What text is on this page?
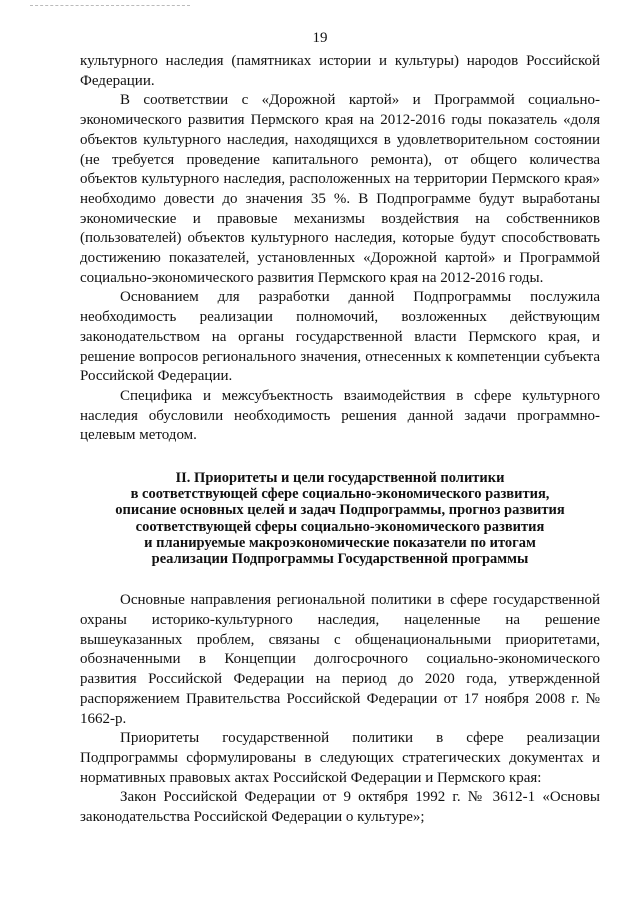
19

культурного наследия (памятниках истории и культуры) народов Российской Федерации.

В соответствии с «Дорожной картой» и Программой социально-экономического развития Пермского края на 2012-2016 годы показатель «доля объектов культурного наследия, находящихся в удовлетворительном состоянии (не требуется проведение капитального ремонта), от общего количества объектов культурного наследия, расположенных на территории Пермского края» необходимо довести до значения 35 %. В Подпрограмме будут выработаны экономические и правовые механизмы воздействия на собственников (пользователей) объектов культурного наследия, которые будут способствовать достижению показателей, установленных «Дорожной картой» и Программой социально-экономического развития Пермского края на 2012-2016 годы.

Основанием для разработки данной Подпрограммы послужила необходимость реализации полномочий, возложенных действующим законодательством на органы государственной власти Пермского края, и решение вопросов регионального значения, отнесенных к компетенции субъекта Российской Федерации.

Специфика и межсубъектность взаимодействия в сфере культурного наследия обусловили необходимость решения данной задачи программно-целевым методом.

II. Приоритеты и цели государственной политики
в соответствующей сфере социально-экономического развития,
описание основных целей и задач Подпрограммы, прогноз развития
соответствующей сферы социально-экономического развития
и планируемые макроэкономические показатели по итогам
реализации Подпрограммы Государственной программы

Основные направления региональной политики в сфере государственной охраны историко-культурного наследия, нацеленные на решение вышеуказанных проблем, связаны с общенациональными приоритетами, обозначенными в Концепции долгосрочного социально-экономического развития Российской Федерации на период до 2020 года, утвержденной распоряжением Правительства Российской Федерации от 17 ноября 2008 г. № 1662-р.

Приоритеты государственной политики в сфере реализации Подпрограммы сформулированы в следующих стратегических документах и нормативных правовых актах Российской Федерации и Пермского края:

Закон Российской Федерации от 9 октября 1992 г. № 3612-1 «Основы законодательства Российской Федерации о культуре»;
